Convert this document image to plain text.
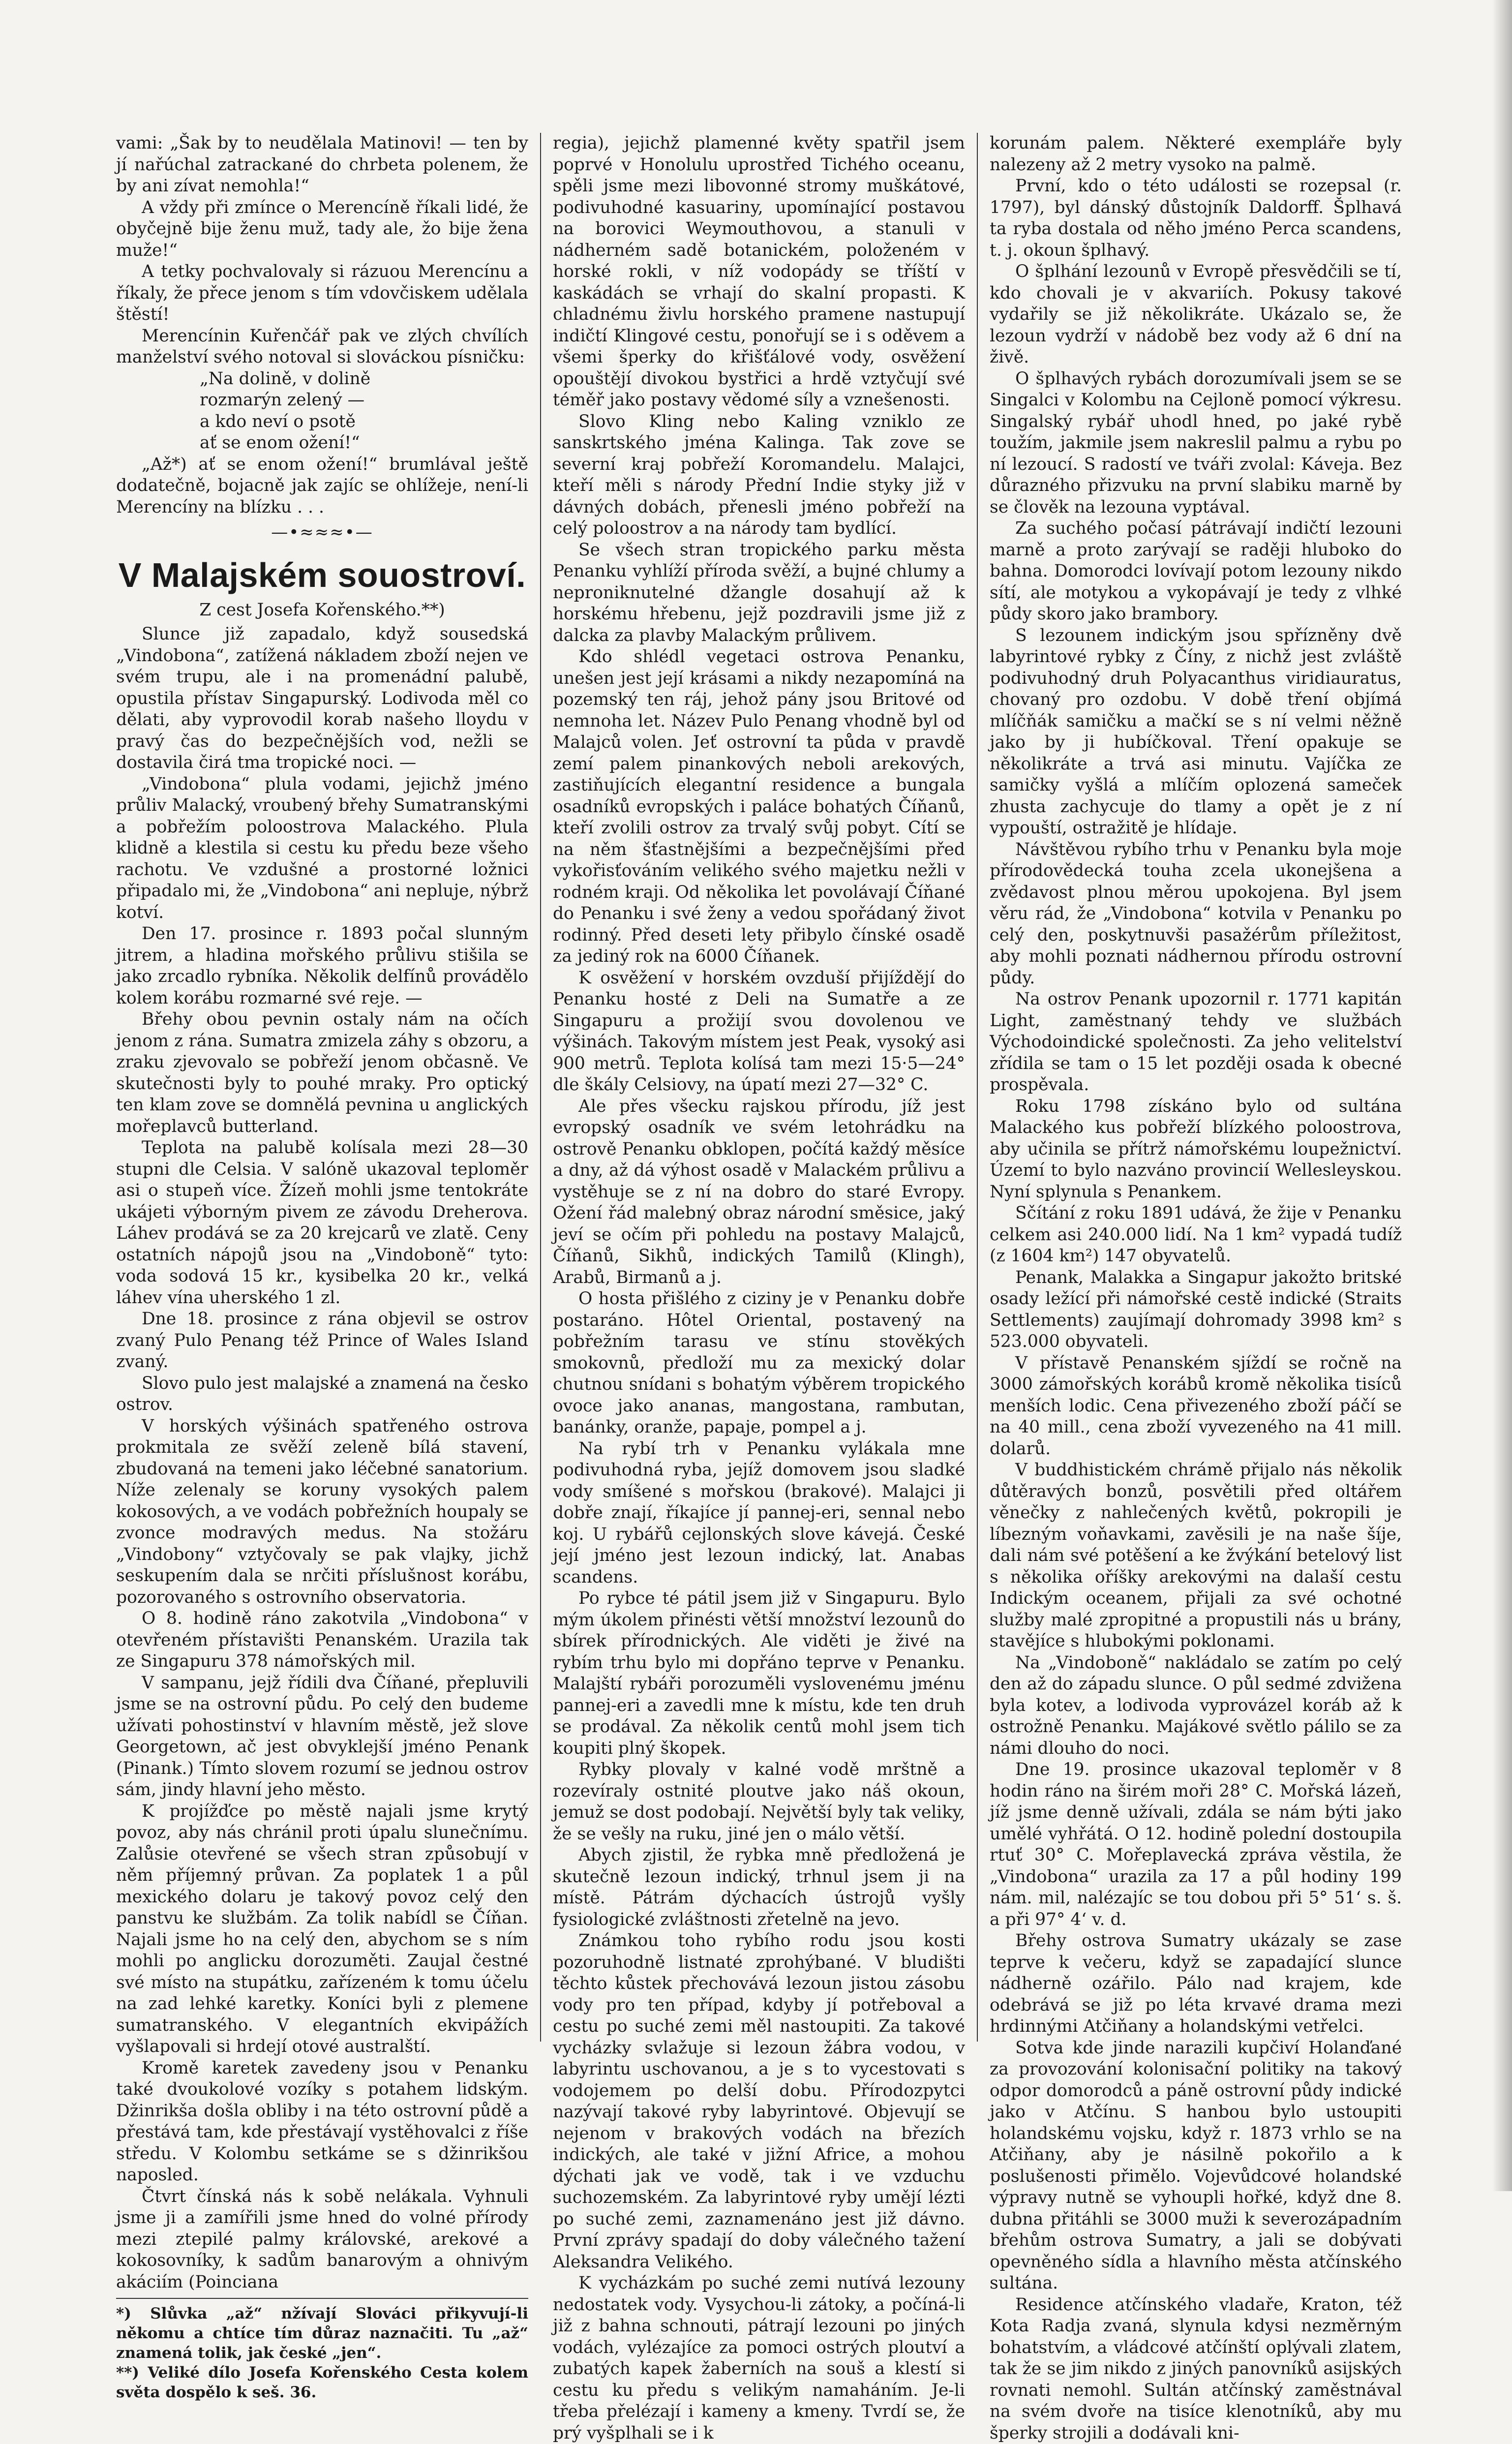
vami: „Šak by to neudělala Matinovi! — ten by jí nařúchal zatrackané do chrbeta polenem, že by ani zívat nemohla!“

A vždy při zmínce o Merencíně říkali lidé, že obyčejně bije ženu muž, tady ale, žo bije žena muže!“

A tetky pochvalovaly si rázuou Merencínu a říkaly, že přece jenom s tím vdovčiskem udělala štěstí!

Merencínin Kuřenčář pak ve zlých chvílích manželství svého notoval si slováckou písničku:

„Na dolině, v dolině

rozmarýn zelený —

a kdo neví o psotě

ať se enom ožení!“

„Až*) ať se enom ožení!“ brumlával ještě dodatečně, bojacně jak zajíc se ohlížeje, není-li Merencíny na blízku . . .

—•≈≈≈•—
V Malajském souostroví.

Z cest Josefa Kořenského.**)

Slunce již zapadalo, když sousedská „Vindobona“, zatížená nákladem zboží nejen ve svém trupu, ale i na promenádní palubě, opustila přístav Singapurský. Lodivoda měl co dělati, aby vyprovodil korab našeho lloydu v pravý čas do bezpečnějších vod, nežli se dostavila čirá tma tropické noci. —

„Vindobona“ plula vodami, jejichž jméno průliv Malacký, vroubený břehy Sumatranskými a pobřežím poloostrova Malackého. Plula klidně a klestila si cestu ku předu beze všeho rachotu. Ve vzdušné a prostorné ložnici připadalo mi, že „Vindobona“ ani nepluje, nýbrž kotví.

Den 17. prosince r. 1893 počal slunným jitrem, a hladina mořského průlivu stišila se jako zrcadlo rybníka. Několik delfínů provádělo kolem korábu rozmarné své reje. —

Břehy obou pevnin ostaly nám na očích jenom z rána. Sumatra zmizela záhy s obzoru, a zraku zjevovalo se pobřeží jenom občasně. Ve skutečnosti byly to pouhé mraky. Pro optický ten klam zove se domnělá pevnina u anglických mořeplavců butterland.

Teplota na palubě kolísala mezi 28—30 stupni dle Celsia. V salóně ukazoval teploměr asi o stupeň více. Žízeň mohli jsme tentokráte ukájeti výborným pivem ze závodu Dreherova. Láhev prodává se za 20 krejcarů ve zlatě. Ceny ostatních nápojů jsou na „Vindoboně“ tyto: voda sodová 15 kr., kysibelka 20 kr., velká láhev vína uherského 1 zl.

Dne 18. prosince z rána objevil se ostrov zvaný Pulo Penang též Prince of Wales Island zvaný.

Slovo pulo jest malajské a znamená na česko ostrov.

V horských výšinách spatřeného ostrova prokmitala ze svěží zeleně bílá stavení, zbudovaná na temeni jako léčebné sanatorium. Níže zelenaly se koruny vysokých palem kokosových, a ve vodách pobřežních houpaly se zvonce modravých medus. Na stožáru „Vindobony“ vztyčovaly se pak vlajky, jichž seskupením dala se nrčiti příslušnost korábu, pozorovaného s ostrovního observatoria.

O 8. hodině ráno zakotvila „Vindobona“ v otevřeném přístavišti Penanském. Urazila tak ze Singapuru 378 námořských mil.

V sampanu, jejž řídili dva Číňané, přepluvili jsme se na ostrovní půdu. Po celý den budeme užívati pohostinství v hlavním městě, jež slove Georgetown, ač jest obvyklejší jméno Penank (Pinank.) Tímto slovem rozumí se jednou ostrov sám, jindy hlavní jeho město.

K projížďce po městě najali jsme krytý povoz, aby nás chránil proti úpalu slunečnímu. Zalůsie otevřené se všech stran způsobují v něm příjemný průvan. Za poplatek 1 a půl mexického dolaru je takový povoz celý den panstvu ke službám. Za tolik nabídl se Číňan. Najali jsme ho na celý den, abychom se s ním mohli po anglicku dorozuměti. Zaujal čestné své místo na stupátku, zařízeném k tomu účelu na zad lehké karetky. Koníci byli z plemene sumatranského. V elegantních ekvipážích vyšlapovali si hrdejí otové australští.

Kromě karetek zavedeny jsou v Penanku také dvoukolové vozíky s potahem lidským. Džinrikša došla obliby i na této ostrovní půdě a přestává tam, kde přestávají vystěhovalci z říše středu. V Kolombu setkáme se s džinrikšou naposled.

Čtvrt čínská nás k sobě nelákala. Vyhnuli jsme ji a zamířili jsme hned do volné přírody mezi ztepilé palmy královské, arekové a kokosovníky, k sadům banarovým a ohnivým akáciím (Poinciana

*) Slůvka „až“ nžívají Slováci přikyvují-li někomu a chtíce tím důraz naznačiti. Tu „až“ znamená tolik, jak české „jen“.

**) Veliké dílo Josefa Kořenského Cesta kolem světa dospělo k seš. 36.

regia), jejichž plamenné květy spatřil jsem poprvé v Honolulu uprostřed Tichého oceanu, spěli jsme mezi libovonné stromy muškátové, podivuhodné kasuariny, upomínající postavou na borovici Weymouthovou, a stanuli v nádherném sadě botanickém, položeném v horské rokli, v níž vodopády se tříští v kaskádách se vrhají do skalní propasti. K chladnému živlu horského pramene nastupují indičtí Klingové cestu, ponořují se i s oděvem a všemi šperky do křišťálové vody, osvěžení opouštějí divokou bystřici a hrdě vztyčují své téměř jako postavy vědomé síly a vznešenosti.

Slovo Kling nebo Kaling vzniklo ze sanskrtského jména Kalinga. Tak zove se severní kraj pobřeží Koromandelu. Malajci, kteří měli s národy Přední Indie styky již v dávných dobách, přenesli jméno pobřeží na celý poloostrov a na národy tam bydlící.

Se všech stran tropického parku města Penanku vyhlíží příroda svěží, a bujné chlumy a neproniknutelné džangle dosahují až k horskému hřebenu, jejž pozdravili jsme již z dalcka za plavby Malackým průlivem.

Kdo shlédl vegetaci ostrova Penanku, unešen jest její krásami a nikdy nezapomíná na pozemský ten ráj, jehož pány jsou Britové od nemnoha let. Název Pulo Penang vhodně byl od Malajců volen. Jeť ostrovní ta půda v pravdě zemí palem pinankových neboli arekových, zastiňujících elegantní residence a bungala osadníků evropských i paláce bohatých Číňanů, kteří zvolili ostrov za trvalý svůj pobyt. Cítí se na něm šťastnějšími a bezpečnějšími před vykořisťováním velikého svého majetku nežli v rodném kraji. Od několika let povolávají Číňané do Penanku i své ženy a vedou spořádaný život rodinný. Před deseti lety přibylo čínské osadě za jediný rok na 6000 Číňanek.

K osvěžení v horském ovzduší přijíždějí do Penanku hosté z Deli na Sumatře a ze Singapuru a prožijí svou dovolenou ve výšinách. Takovým místem jest Peak, vysoký asi 900 metrů. Teplota kolísá tam mezi 15·5—24° dle škály Celsiovy, na úpatí mezi 27—32° C.

Ale přes všecku rajskou přírodu, jíž jest evropský osadník ve svém letohrádku na ostrově Penanku obklopen, počítá každý měsíce a dny, až dá výhost osadě v Malackém průlivu a vystěhuje se z ní na dobro do staré Evropy. Ožení řád malebný obraz národní směsice, jaký jeví se očím při pohledu na postavy Malajců, Číňanů, Sikhů, indických Tamilů (Klingh), Arabů, Birmanů a j.

O hosta přišlého z ciziny je v Penanku dobře postaráno. Hôtel Oriental, postavený na pobřežním tarasu ve stínu stověkých smokovnů, předloží mu za mexický dolar chutnou snídani s bohatým výběrem tropického ovoce jako ananas, mangostana, rambutan, banánky, oranže, papaje, pompel a j.

Na rybí trh v Penanku vylákala mne podivuhodná ryba, jejíž domovem jsou sladké vody smíšené s mořskou (brakové). Malajci ji dobře znají, říkajíce jí pannej-eri, sennal nebo koj. U rybářů cejlonských slove kávejá. České její jméno jest lezoun indický, lat. Anabas scandens.

Po rybce té pátil jsem již v Singapuru. Bylo mým úkolem přinésti větší množství lezounů do sbírek přírodnických. Ale viděti je živé na rybím trhu bylo mi dopřáno teprve v Penanku. Malajští rybáři porozuměli vyslovenému jménu pannej-eri a zavedli mne k místu, kde ten druh se prodával. Za několik centů mohl jsem tich koupiti plný škopek.

Rybky plovaly v kalné vodě mrštně a rozevíraly ostnité ploutve jako náš okoun, jemuž se dost podobají. Největší byly tak veliky, že se vešly na ruku, jiné jen o málo větší.

Abych zjistil, že rybka mně předložená je skutečně lezoun indický, trhnul jsem ji na místě. Pátrám dýchacích ústrojů vyšly fysiologické zvláštnosti zřetelně na jevo.

Známkou toho rybího rodu jsou kosti pozoruhodně listnaté zprohýbané. V bludišti těchto kůstek přechovává lezoun jistou zásobu vody pro ten případ, kdyby jí potřeboval a cestu po suché zemi měl nastoupiti. Za takové vycházky svlažuje si lezoun žábra vodou, v labyrintu uschovanou, a je s to vycestovati s vodojemem po delší dobu. Přírodozpytci nazývají takové ryby labyrintové. Objevují se nejenom v brakových vodách na březích indických, ale také v jižní Africe, a mohou dýchati jak ve vodě, tak i ve vzduchu suchozemském. Za labyrintové ryby umějí lézti po suché zemi, zaznamenáno jest již dávno. První zprávy spadají do doby válečného tažení Aleksandra Velikého.

K vycházkám po suché zemi nutívá lezouny nedostatek vody. Vysychou-li zátoky, a počíná-li již z bahna schnouti, pátrají lezouni po jiných vodách, vylézajíce za pomoci ostrých ploutví a zubatých kapek žaberních na souš a klestí si cestu ku předu s velikým namaháním. Je-li třeba přelézají i kameny a kmeny. Tvrdí se, že prý vyšplhali se i k

korunám palem. Některé exempláře byly nalezeny až 2 metry vysoko na palmě.

První, kdo o této události se rozepsal (r. 1797), byl dánský důstojník Daldorff. Šplhavá ta ryba dostala od něho jméno Perca scandens, t. j. okoun šplhavý.

O šplhání lezounů v Evropě přesvědčili se tí, kdo chovali je v akvariích. Pokusy takové vydařily se již několikráte. Ukázalo se, že lezoun vydrží v nádobě bez vody až 6 dní na živě.

O šplhavých rybách dorozumívali jsem se se Singalci v Kolombu na Cejloně pomocí výkresu. Singalský rybář uhodl hned, po jaké rybě toužím, jakmile jsem nakreslil palmu a rybu po ní lezoucí. S radostí ve tváři zvolal: Káveja. Bez důrazného přizvuku na první slabiku marně by se člověk na lezouna vyptával.

Za suchého počasí pátrávají indičtí lezouni marně a proto zarývají se raději hluboko do bahna. Domorodci lovívají potom lezouny nikdo sítí, ale motykou a vykopávají je tedy z vlhké půdy skoro jako brambory.

S lezounem indickým jsou spřízněny dvě labyrintové rybky z Číny, z nichž jest zvláště podivuhodný druh Polyacanthus viridiauratus, chovaný pro ozdobu. V době tření objímá mlíčňák samičku a mačkí se s ní velmi něžně jako by ji hubíčkoval. Tření opakuje se několikráte a trvá asi minutu. Vajíčka ze samičky vyšlá a mlíčím oplozená sameček zhusta zachycuje do tlamy a opět je z ní vypouští, ostražitě je hlídaje.

Návštěvou rybího trhu v Penanku byla moje přírodovědecká touha zcela ukonejšena a zvědavost plnou měrou upokojena. Byl jsem věru rád, že „Vindobona“ kotvila v Penanku po celý den, poskytnuvši pasažérům příležitost, aby mohli poznati nádhernou přírodu ostrovní půdy.

Na ostrov Penank upozornil r. 1771 kapitán Light, zaměstnaný tehdy ve službách Východoindické společnosti. Za jeho velitelství zřídila se tam o 15 let později osada k obecné prospěvala.

Roku 1798 získáno bylo od sultána Malackého kus pobřeží blízkého poloostrova, aby učinila se přítrž námořskému loupežnictví. Území to bylo nazváno provincií Wellesleyskou. Nyní splynula s Penankem.

Sčítání z roku 1891 udává, že žije v Penanku celkem asi 240.000 lidí. Na 1 km² vypadá tudíž (z 1604 km²) 147 obyvatelů.

Penank, Malakka a Singapur jakožto britské osady ležící při námořské cestě indické (Straits Settlements) zaujímají dohromady 3998 km² s 523.000 obyvateli.

V přístavě Penanském sjíždí se ročně na 3000 zámořských korábů kromě několika tisíců menších lodic. Cena přivezeného zboží páčí se na 40 mill., cena zboží vyvezeného na 41 mill. dolarů.

V buddhistickém chrámě přijalo nás několik důtěravých bonzů, posvětili před oltářem věnečky z nahlečených květů, pokropili je líbezným voňavkami, zavěsili je na naše šíje, dali nám své potěšení a ke žvýkání betelový list s několika oříšky arekovými na dalaší cestu Indickým oceanem, přijali za své ochotné služby malé zpropitné a propustili nás u brány, stavějíce s hlubokými poklonami.

Na „Vindoboně“ nakládalo se zatím po celý den až do západu slunce. O půl sedmé zdvižena byla kotev, a lodivoda vyprovázel koráb až k ostrožně Penanku. Majákové světlo pálilo se za námi dlouho do noci.

Dne 19. prosince ukazoval teploměr v 8 hodin ráno na širém moři 28° C. Mořská lázeň, jíž jsme denně užívali, zdála se nám býti jako umělé vyhřátá. O 12. hodině polední dostoupila rtuť 30° C. Mořeplavecká zpráva věstila, že „Vindobona“ urazila za 17 a půl hodiny 199 nám. mil, nalézajíc se tou dobou při 5° 51‘ s. š. a při 97° 4‘ v. d.

Břehy ostrova Sumatry ukázaly se zase teprve k večeru, když se zapadající slunce nádherně ozářilo. Pálo nad krajem, kde odebrává se již po léta krvavé drama mezi hrdinnými Atčiňany a holandskými vetřelci.

Sotva kde jinde narazili kupčiví Holanďané za provozování kolonisační politiky na takový odpor domorodců a páně ostrovní půdy indické jako v Atčínu. S hanbou bylo ustoupiti holandskému vojsku, když r. 1873 vrhlo se na Atčiňany, aby je násilně pokořilo a k poslušenosti přimělo. Vojevůdcové holandské výpravy nutně se vyhoupli hořké, když dne 8. dubna přitáhli se 3000 muži k severozápadním břehům ostrova Sumatry, a jali se dobývati opevněného sídla a hlavního města atčínského sultána.

Residence atčínského vladaře, Kraton, též Kota Radja zvaná, slynula kdysi nezměrným bohatstvím, a vládcové atčínští oplývali zlatem, tak že se jim nikdo z jiných panovníků asijských rovnati nemohl. Sultán atčínský zaměstnával na svém dvoře na tisíce klenotníků, aby mu šperky strojili a dodávali kni-
